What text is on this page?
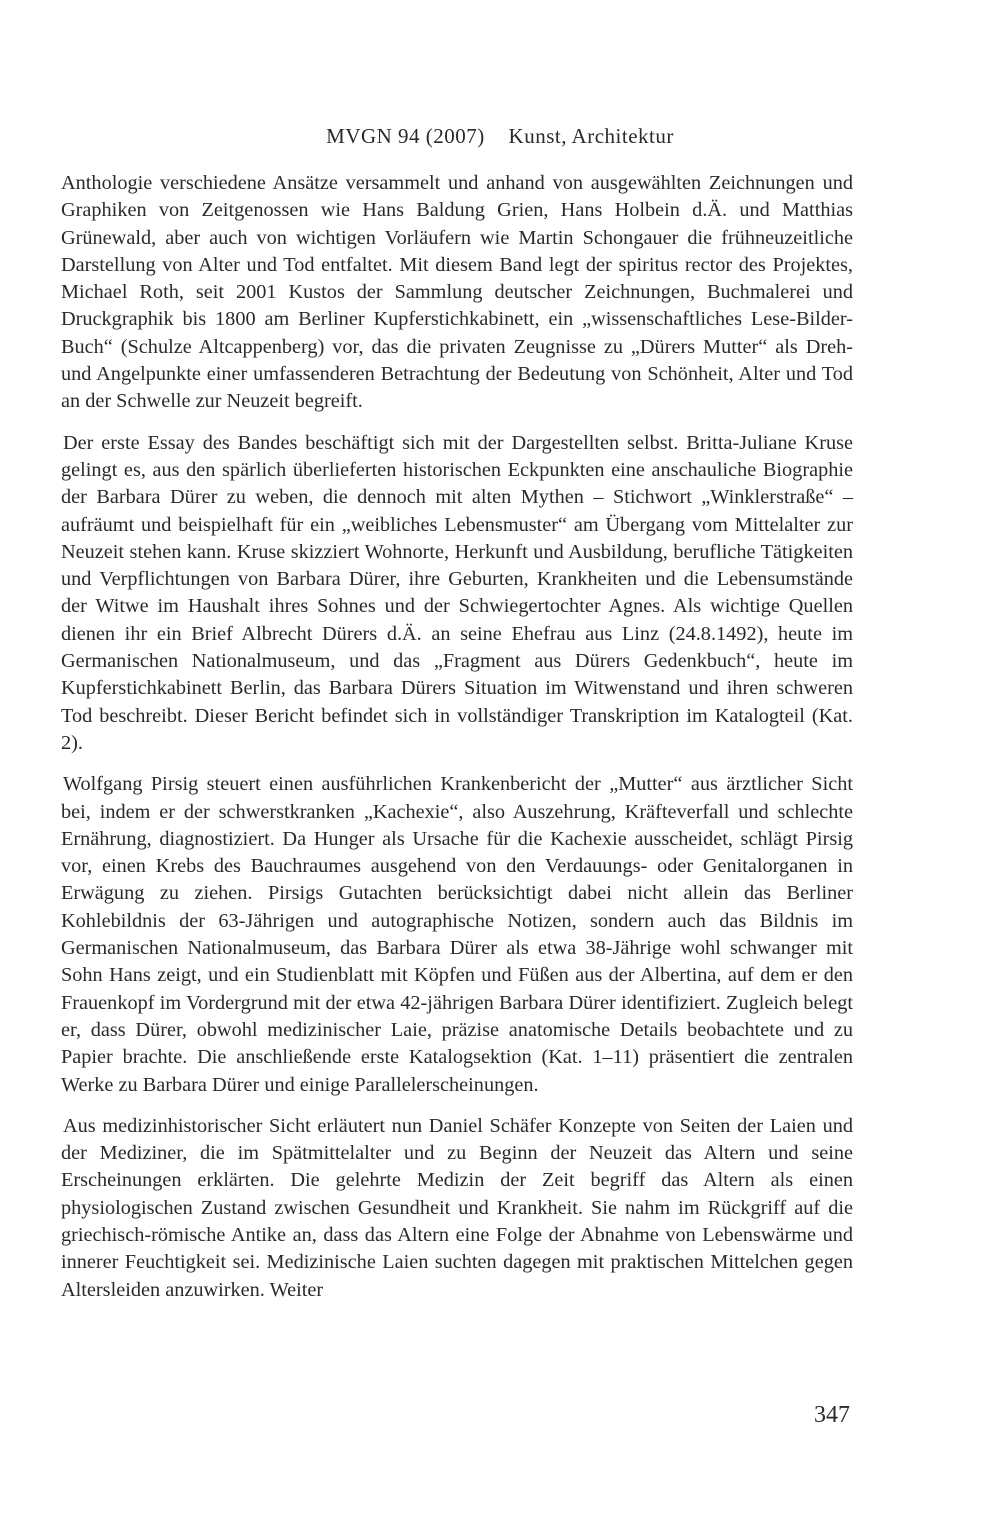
MVGN 94 (2007) Kunst, Architektur

Anthologie verschiedene Ansätze versammelt und anhand von ausgewählten Zeichnungen und Graphiken von Zeitgenossen wie Hans Baldung Grien, Hans Holbein d.Ä. und Matthias Grünewald, aber auch von wichtigen Vorläufern wie Martin Schongauer die frühneuzeitliche Darstellung von Alter und Tod entfaltet. Mit diesem Band legt der spiritus rector des Projektes, Michael Roth, seit 2001 Kustos der Sammlung deutscher Zeichnungen, Buchmalerei und Druckgraphik bis 1800 am Berliner Kupferstichkabinett, ein „wissenschaftliches Lese-Bilder-Buch“ (Schulze Altcappenberg) vor, das die privaten Zeugnisse zu „Dürers Mutter“ als Dreh- und Angelpunkte einer umfassenderen Betrachtung der Bedeutung von Schönheit, Alter und Tod an der Schwelle zur Neuzeit begreift.

Der erste Essay des Bandes beschäftigt sich mit der Dargestellten selbst. Britta-Juliane Kruse gelingt es, aus den spärlich überlieferten historischen Eckpunkten eine anschauliche Biographie der Barbara Dürer zu weben, die dennoch mit alten Mythen – Stichwort „Winklerstraße“ – aufräumt und beispielhaft für ein „weibliches Lebensmuster“ am Übergang vom Mittelalter zur Neuzeit stehen kann. Kruse skizziert Wohnorte, Herkunft und Ausbildung, berufliche Tätigkeiten und Verpflichtungen von Barbara Dürer, ihre Geburten, Krankheiten und die Lebensumstände der Witwe im Haushalt ihres Sohnes und der Schwiegertochter Agnes. Als wichtige Quellen dienen ihr ein Brief Albrecht Dürers d.Ä. an seine Ehefrau aus Linz (24.8.1492), heute im Germanischen Nationalmuseum, und das „Fragment aus Dürers Gedenkbuch“, heute im Kupferstichkabinett Berlin, das Barbara Dürers Situation im Witwenstand und ihren schweren Tod beschreibt. Dieser Bericht befindet sich in vollständiger Transkription im Katalogteil (Kat. 2).

Wolfgang Pirsig steuert einen ausführlichen Krankenbericht der „Mutter“ aus ärztlicher Sicht bei, indem er der schwerstkranken „Kachexie“, also Auszehrung, Kräfteverfall und schlechte Ernährung, diagnostiziert. Da Hunger als Ursache für die Kachexie ausscheidet, schlägt Pirsig vor, einen Krebs des Bauchraumes ausgehend von den Verdauungs- oder Genitalorganen in Erwägung zu ziehen. Pirsigs Gutachten berücksichtigt dabei nicht allein das Berliner Kohlebildnis der 63-Jährigen und autographische Notizen, sondern auch das Bildnis im Germanischen Nationalmuseum, das Barbara Dürer als etwa 38-Jährige wohl schwanger mit Sohn Hans zeigt, und ein Studienblatt mit Köpfen und Füßen aus der Albertina, auf dem er den Frauenkopf im Vordergrund mit der etwa 42-jährigen Barbara Dürer identifiziert. Zugleich belegt er, dass Dürer, obwohl medizinischer Laie, präzise anatomische Details beobachtete und zu Papier brachte. Die anschließende erste Katalogsektion (Kat. 1–11) präsentiert die zentralen Werke zu Barbara Dürer und einige Parallelerscheinungen.

Aus medizinhistorischer Sicht erläutert nun Daniel Schäfer Konzepte von Seiten der Laien und der Mediziner, die im Spätmittelalter und zu Beginn der Neuzeit das Altern und seine Erscheinungen erklärten. Die gelehrte Medizin der Zeit begriff das Altern als einen physiologischen Zustand zwischen Gesundheit und Krankheit. Sie nahm im Rückgriff auf die griechisch-römische Antike an, dass das Altern eine Folge der Abnahme von Lebenswärme und innerer Feuchtigkeit sei. Medizinische Laien suchten dagegen mit praktischen Mittelchen gegen Altersleiden anzuwirken. Weiter

347
